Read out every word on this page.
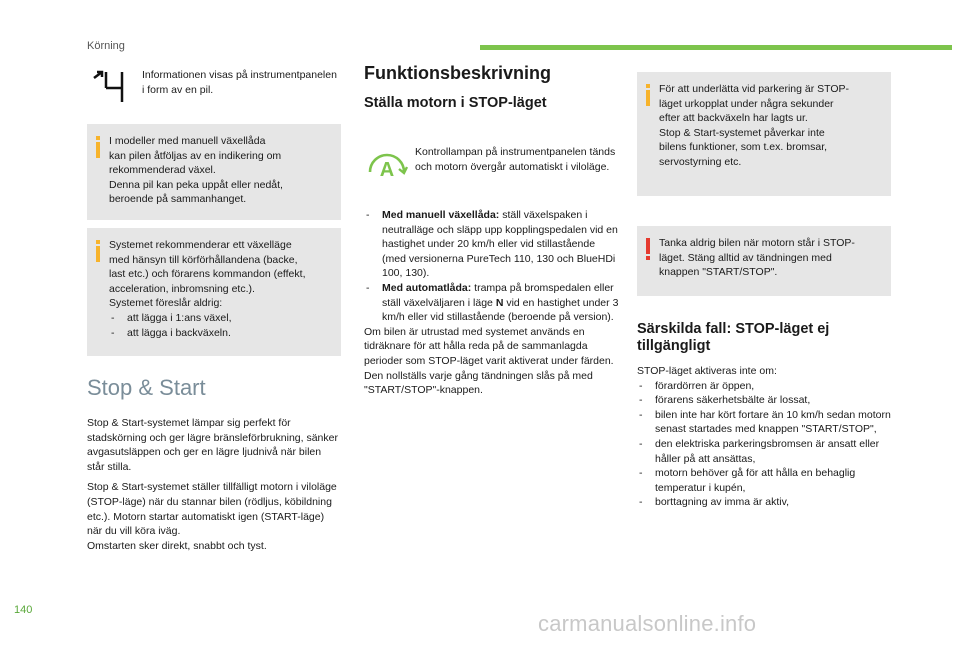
Körning
Informationen visas på instrumentpanelen i form av en pil.
I modeller med manuell växellåda
kan pilen åtföljas av en indikering om
rekommenderad växel.
Denna pil kan peka uppåt eller nedåt,
beroende på sammanhanget.
Systemet rekommenderar ett växelläge
med hänsyn till körförhållandena (backe,
last etc.) och förarens kommandon (effekt,
acceleration, inbromsning etc.).
Systemet föreslår aldrig:
- att lägga i 1:ans växel,
- att lägga i backväxeln.
Stop & Start

Stop & Start-systemet lämpar sig perfekt för stadskörning och ger lägre bränsleförbrukning, sänker avgasutsläppen och ger en lägre ljudnivå när bilen står stilla.

Stop & Start-systemet ställer tillfälligt motorn i viloläge (STOP-läge) när du stannar bilen (rödljus, köbildning etc.). Motorn startar automatiskt igen (START-läge) när du vill köra iväg.

Omstarten sker direkt, snabbt och tyst.

Funktionsbeskrivning
Ställa motorn i STOP-läget
A
Kontrollampan på instrumentpanelen tänds och motorn övergår automatiskt i viloläge.
- Med manuell växellåda: ställ växelspaken i neutralläge och släpp upp kopplingspedalen vid en hastighet under 20 km/h eller vid stillastående (med versionerna PureTech 110, 130 och BlueHDi 100, 130).
- Med automatlåda: trampa på bromspedalen eller ställ växelväljaren i läge N vid en hastighet under 3 km/h eller vid stillastående (beroende på version).

Om bilen är utrustad med systemet används en tidräknare för att hålla reda på de sammanlagda perioder som STOP-läget varit aktiverat under färden. Den nollställs varje gång tändningen slås på med "START/STOP"-knappen.

För att underlätta vid parkering är STOP-
läget urkopplat under några sekunder
efter att backväxeln har lagts ur.
Stop & Start-systemet påverkar inte
bilens funktioner, som t.ex. bromsar,
servostyrning etc.
Tanka aldrig bilen när motorn står i STOP-
läget. Stäng alltid av tändningen med
knappen "START/STOP".
Särskilda fall: STOP-läget ej tillgängligt
STOP-läget aktiveras inte om:
- förardörren är öppen,
- förarens säkerhetsbälte är lossat,
- bilen inte har kört fortare än 10 km/h sedan motorn senast startades med knappen "START/STOP",
- den elektriska parkeringsbromsen är ansatt eller håller på att ansättas,
- motorn behöver gå för att hålla en behaglig temperatur i kupén,
- borttagning av imma är aktiv,
140
carmanualsonline.info
